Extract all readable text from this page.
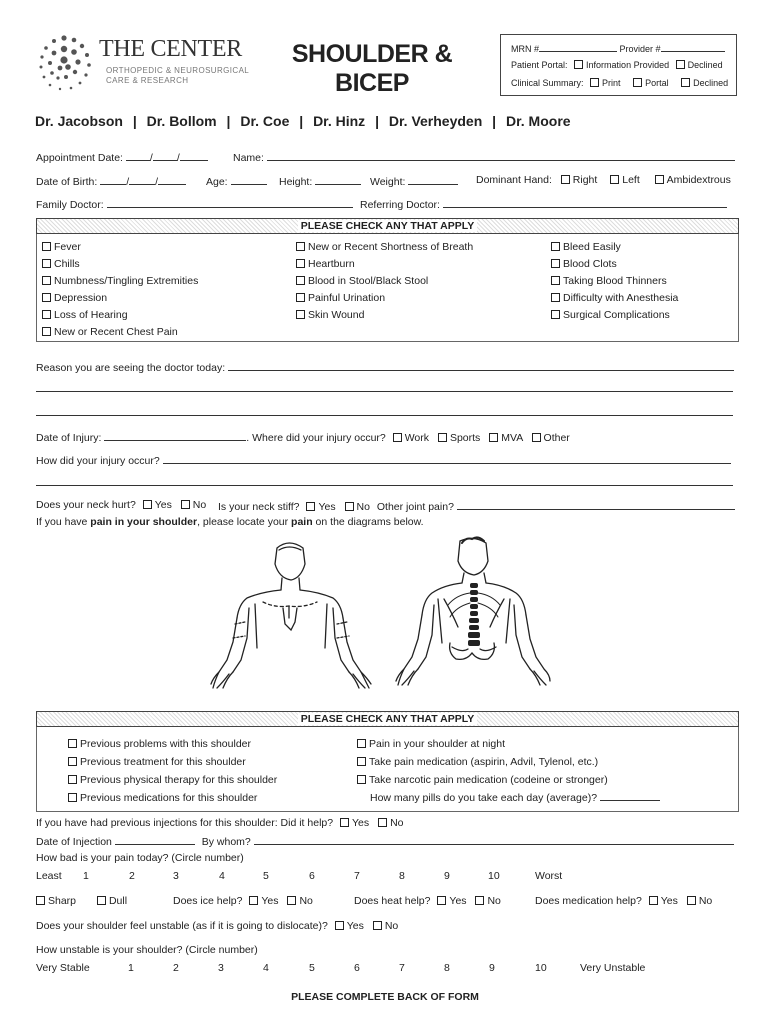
THE CENTER
ORTHOPEDIC & NEUROSURGICAL
CARE & RESEARCH
SHOULDER &
BICEP
MRN #	Provider #
Patient Portal: Information Provided Declined
Clinical Summary: Print	Portal	Declined
Dr. Jacobson | Dr. Bollom | Dr. Coe | Dr. Hinz | Dr. Verheyden | Dr. Moore
Appointment Date:	/ /	Name:
Date of Birth:	/ /	Age:	Height:	Weight:	Dominant Hand: Right Left	Ambidextrous
Family Doctor:	Referring Doctor:
PLEASE CHECK ANY THAT APPLY
Fever
Chills
Numbness/Tingling Extremities
Depression
Loss of Hearing
New or Recent Chest Pain
New or Recent Shortness of Breath
Heartburn
Blood in Stool/Black Stool
Painful Urination
Skin Wound
Bleed Easily
Blood Clots
Taking Blood Thinners
Difficulty with Anesthesia
Surgical Complications
Reason you are seeing the doctor today:
Date of Injury:	. Where did your injury occur? Work Sports MVA Other
How did your injury occur?
Does your neck hurt? Yes No Is your neck stiff? Yes No Other joint pain?
If you have pain in your shoulder, please locate your pain on the diagrams below.
PLEASE CHECK ANY THAT APPLY
Previous problems with this shoulder
Previous treatment for this shoulder
Previous physical therapy for this shoulder
Previous medications for this shoulder
Pain in your shoulder at night
Take pain medication (aspirin, Advil, Tylenol, etc.)
Take narcotic pain medication (codeine or stronger)
How many pills do you take each day (average)?
If you have had previous injections for this shoulder: Did it help? Yes No
Date of Injection	By whom?
How bad is your pain today? (Circle number)
Least 1	2	3	4	5	6	7	8	9	10	Worst
Sharp	Dull	Does ice help? Yes No	Does heat help? Yes No	Does medication help? Yes No
Does your shoulder feel unstable (as if it is going to dislocate)? Yes No
How unstable is your shoulder? (Circle number)
Very Stable	1	2	3	4	5	6	7	8	9	10	Very Unstable
PLEASE COMPLETE BACK OF FORM
